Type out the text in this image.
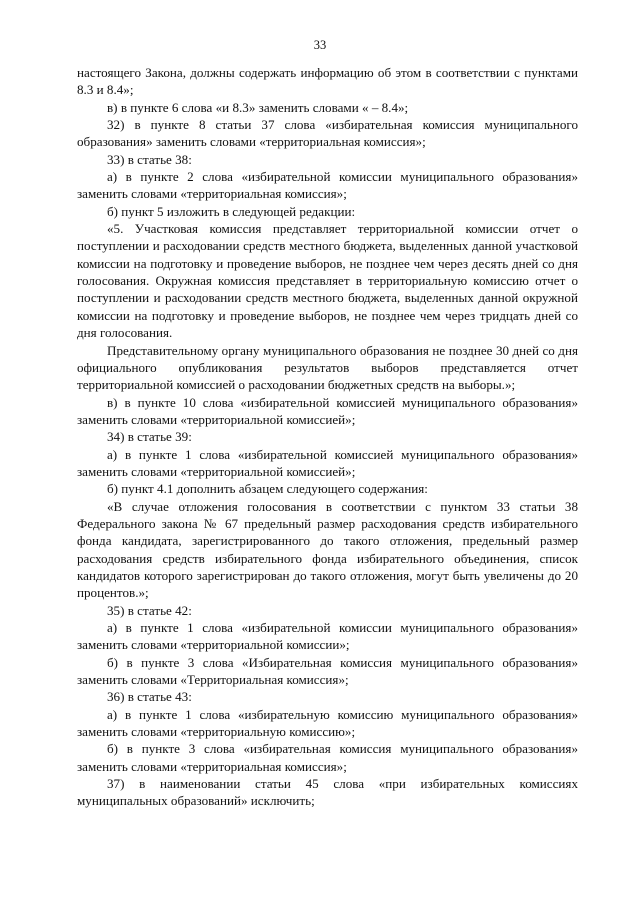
33

настоящего Закона, должны содержать информацию об этом в соответствии с пунктами 8.3 и 8.4»;

в) в пункте 6 слова «и 8.3» заменить словами « – 8.4»;

32) в пункте 8 статьи 37 слова «избирательная комиссия муниципального образования» заменить словами «территориальная комиссия»;

33) в статье 38:

а) в пункте 2 слова «избирательной комиссии муниципального образования» заменить словами «территориальная комиссия»;

б) пункт 5 изложить в следующей редакции:

«5. Участковая комиссия представляет территориальной комиссии отчет о поступлении и расходовании средств местного бюджета, выделенных данной участковой комиссии на подготовку и проведение выборов, не позднее чем через десять дней со дня голосования. Окружная комиссия представляет в территориальную комиссию отчет о поступлении и расходовании средств местного бюджета, выделенных данной окружной комиссии на подготовку и проведение выборов, не позднее чем через тридцать дней со дня голосования.

Представительному органу муниципального образования не позднее 30 дней со дня официального опубликования результатов выборов представляется отчет территориальной комиссией о расходовании бюджетных средств на выборы.»;

в) в пункте 10 слова «избирательной комиссией муниципального образования» заменить словами «территориальной комиссией»;

34) в статье 39:

а) в пункте 1 слова «избирательной комиссией муниципального образования» заменить словами «территориальной комиссией»;

б) пункт 4.1 дополнить абзацем следующего содержания:

«В случае отложения голосования в соответствии с пунктом 33 статьи 38 Федерального закона № 67 предельный размер расходования средств избирательного фонда кандидата, зарегистрированного до такого отложения, предельный размер расходования средств избирательного фонда избирательного объединения, список кандидатов которого зарегистрирован до такого отложения, могут быть увеличены до 20 процентов.»;

35) в статье 42:

а) в пункте 1 слова «избирательной комиссии муниципального образования» заменить словами «территориальной комиссии»;

б) в пункте 3 слова «Избирательная комиссия муниципального образования» заменить словами «Территориальная комиссия»;

36) в статье 43:

а) в пункте 1 слова «избирательную комиссию муниципального образования» заменить словами «территориальную комиссию»;

б) в пункте 3 слова «избирательная комиссия муниципального образования» заменить словами «территориальная комиссия»;

37) в наименовании статьи 45 слова «при избирательных комиссиях муниципальных образований» исключить;
